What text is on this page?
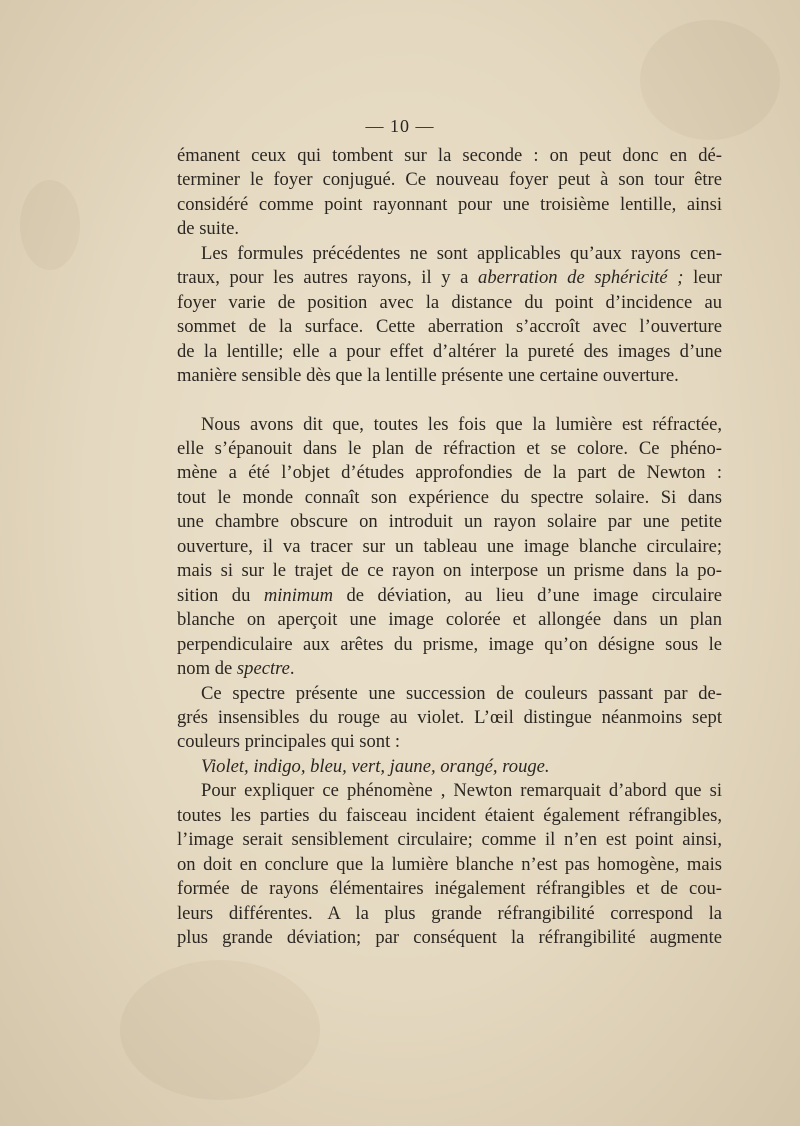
— 10 —

émanent ceux qui tombent sur la seconde : on peut donc en dé-

terminer le foyer conjugué. Ce nouveau foyer peut à son tour être

considéré comme point rayonnant pour une troisième lentille, ainsi

de suite.

Les formules précédentes ne sont applicables qu’aux rayons cen-

traux, pour les autres rayons, il y a aberration de sphéricité ; leur

foyer varie de position avec la distance du point d’incidence au

sommet de la surface. Cette aberration s’accroît avec l’ouverture

de la lentille; elle a pour effet d’altérer la pureté des images d’une

manière sensible dès que la lentille présente une certaine ouverture.

Nous avons dit que, toutes les fois que la lumière est réfractée,

elle s’épanouit dans le plan de réfraction et se colore. Ce phéno-

mène a été l’objet d’études approfondies de la part de Newton :

tout le monde connaît son expérience du spectre solaire. Si dans

une chambre obscure on introduit un rayon solaire par une petite

ouverture, il va tracer sur un tableau une image blanche circulaire;

mais si sur le trajet de ce rayon on interpose un prisme dans la po-

sition du minimum de déviation, au lieu d’une image circulaire

blanche on aperçoit une image colorée et allongée dans un plan

perpendiculaire aux arêtes du prisme, image qu’on désigne sous le

nom de spectre.

Ce spectre présente une succession de couleurs passant par de-

grés insensibles du rouge au violet. L’œil distingue néanmoins sept

couleurs principales qui sont :

Violet, indigo, bleu, vert, jaune, orangé, rouge.

Pour expliquer ce phénomène , Newton remarquait d’abord que si

toutes les parties du faisceau incident étaient également réfrangibles,

l’image serait sensiblement circulaire; comme il n’en est point ainsi,

on doit en conclure que la lumière blanche n’est pas homogène, mais

formée de rayons élémentaires inégalement réfrangibles et de cou-

leurs différentes. A la plus grande réfrangibilité correspond la

plus grande déviation; par conséquent la réfrangibilité augmente
